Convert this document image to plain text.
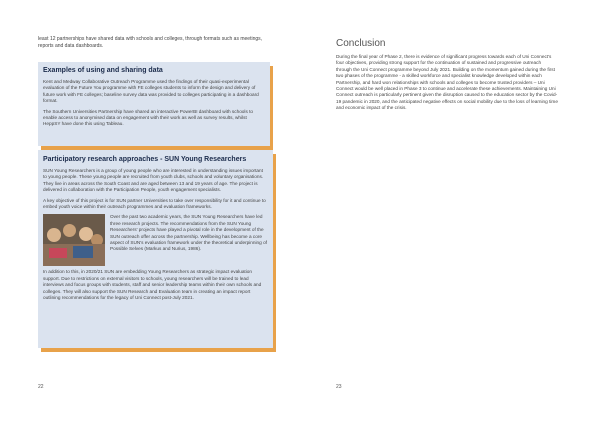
least 12 partnerships have shared data with schools and colleges, through formats such as meetings, reports and data dashboards.
Examples of using and sharing data

Kent and Medway Collaborative Outreach Programme used the findings of their quasi-experimental evaluation of the Future You programme with FE colleges students to inform the design and delivery of future work with FE colleges; baseline survey data was provided to colleges participating in a dashboard format.

The Southern Universities Partnership have shared an interactive PowerBI dashboard with schools to enable access to anonymised data on engagement with their work as well as survey results, whilst HeppSY have done this using Tableau.

Participatory research approaches - SUN Young Researchers

SUN Young Researchers is a group of young people who are interested in understanding issues important to young people. These young people are recruited from youth clubs, schools and voluntary organisations. They live in areas across the South Coast and are aged between 13 and 19 years of age. The project is delivered in collaboration with the Participation People, youth engagement specialists.

A key objective of this project is for SUN partner Universities to take over responsibility for it and continue to embed youth voice within their outreach programmes and evaluation frameworks.

Over the past two academic years, the SUN Young Researchers have led three research projects. The recommendations from the SUN Young Researchers' projects have played a pivotal role in the development of the SUN outreach offer across the partnership. Wellbeing has become a core aspect of SUN's evaluation framework under the theoretical underpinning of Possible Selves (Markus and Nurius, 1986).

In addition to this, in 2020/21 SUN are embedding Young Researchers as strategic impact evaluation support. Due to restrictions on external visitors to schools, young researchers will be trained to lead interviews and focus groups with students, staff and senior leadership teams within their own schools and colleges. They will also support the SUN Research and Evaluation team in creating an impact report outlining recommendations for the legacy of Uni Connect post-July 2021.

22
Conclusion
During the final year of Phase 2, there is evidence of significant progress towards each of Uni Connect's four objectives, providing strong support for the continuation of sustained and progressive outreach through the Uni Connect programme beyond July 2021. Building on the momentum gained during the first two phases of the programme - a skilled workforce and specialist knowledge developed within each Partnership, and hard won relationships with schools and colleges to become trusted providers – Uni Connect would be well placed in Phase 3 to continue and accelerate these achievements. Maintaining Uni Connect outreach is particularly pertinent given the disruption caused to the education sector by the Covid-19 pandemic in 2020, and the anticipated negative effects on social mobility due to the loss of learning time and economic impact of the crisis.
23
